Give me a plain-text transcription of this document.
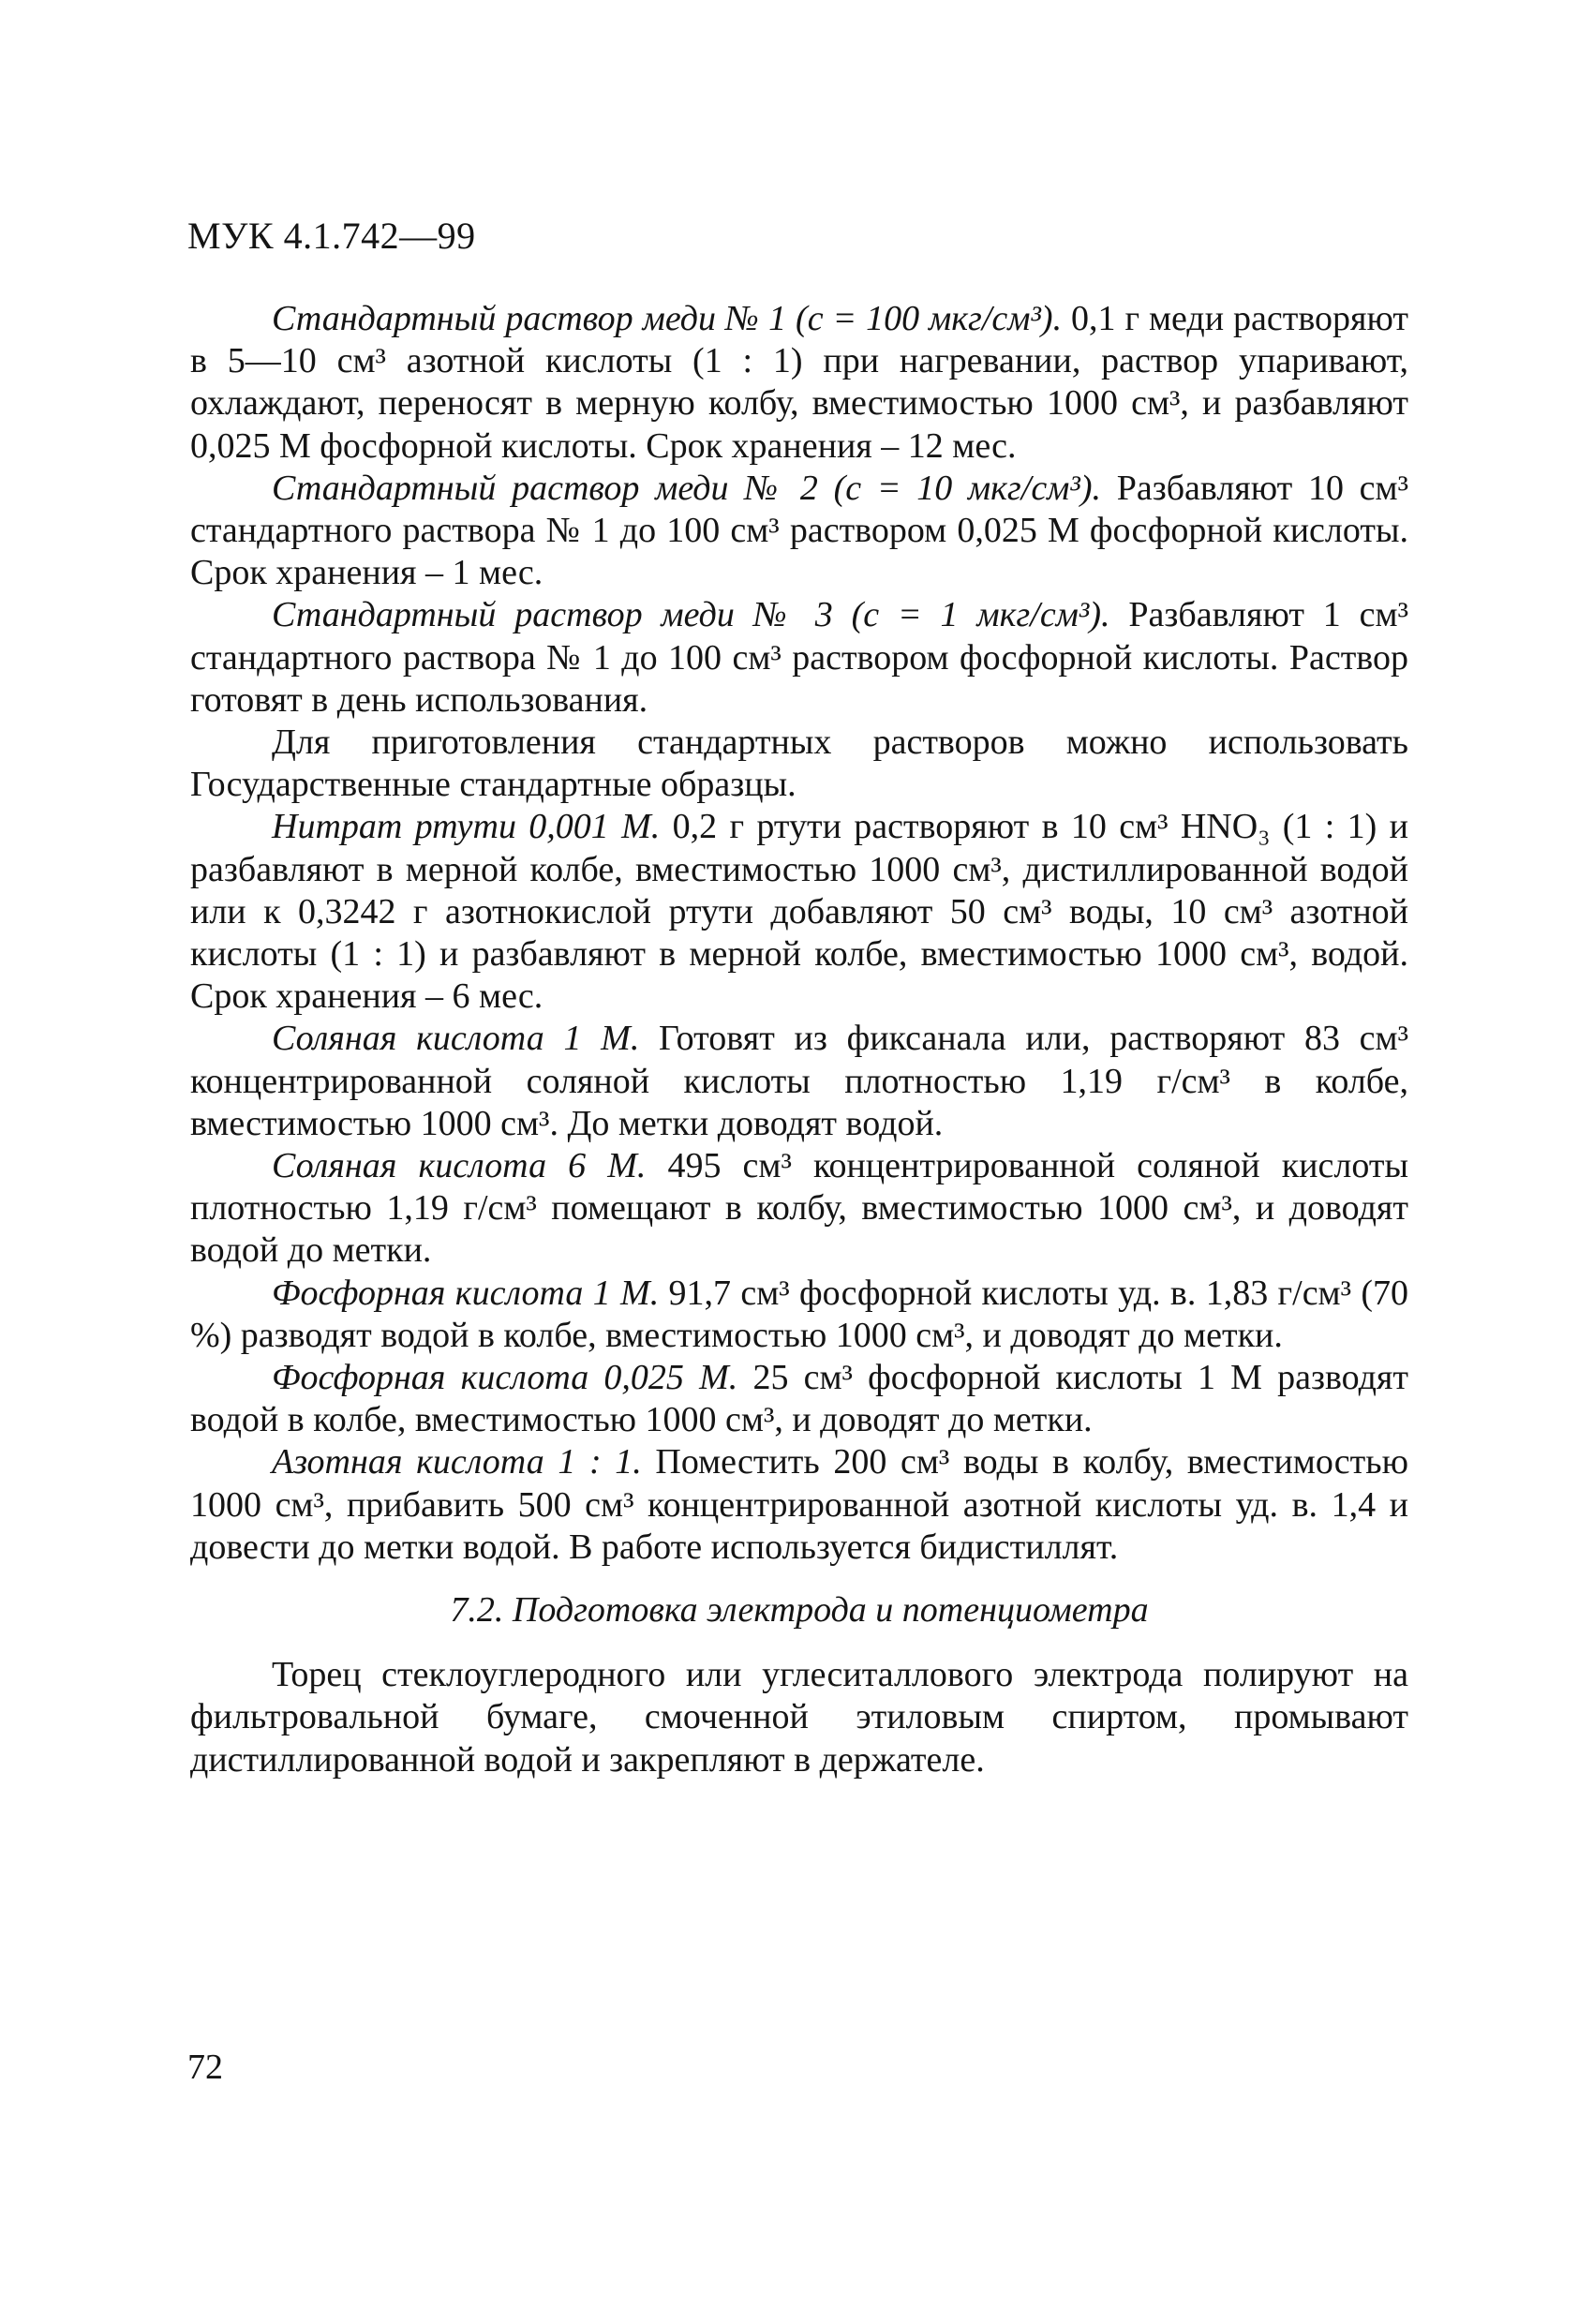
МУК 4.1.742—99

Стандартный раствор меди № 1 (с = 100 мкг/см³). 0,1 г меди растворяют в 5—10 см³ азотной кислоты (1 : 1) при нагревании, раствор упаривают, охлаждают, переносят в мерную колбу, вместимостью 1000 см³, и разбавляют 0,025 М фосфорной кислоты. Срок хранения – 12 мес.

Стандартный раствор меди № 2 (с = 10 мкг/см³). Разбавляют 10 см³ стандартного раствора № 1 до 100 см³ раствором 0,025 М фосфорной кислоты. Срок хранения – 1 мес.

Стандартный раствор меди № 3 (с = 1 мкг/см³). Разбавляют 1 см³ стандартного раствора № 1 до 100 см³ раствором фосфорной кислоты. Раствор готовят в день использования.

Для приготовления стандартных растворов можно использовать Государственные стандартные образцы.

Нитрат ртути 0,001 М. 0,2 г ртути растворяют в 10 см³ HNO₃ (1 : 1) и разбавляют в мерной колбе, вместимостью 1000 см³, дистиллированной водой или к 0,3242 г азотнокислой ртути добавляют 50 см³ воды, 10 см³ азотной кислоты (1 : 1) и разбавляют в мерной колбе, вместимостью 1000 см³, водой. Срок хранения – 6 мес.

Соляная кислота 1 М. Готовят из фиксанала или, растворяют 83 см³ концентрированной соляной кислоты плотностью 1,19 г/см³ в колбе, вместимостью 1000 см³. До метки доводят водой.

Соляная кислота 6 М. 495 см³ концентрированной соляной кислоты плотностью 1,19 г/см³ помещают в колбу, вместимостью 1000 см³, и доводят водой до метки.

Фосфорная кислота 1 М. 91,7 см³ фосфорной кислоты уд. в. 1,83 г/см³ (70 %) разводят водой в колбе, вместимостью 1000 см³, и доводят до метки.

Фосфорная кислота 0,025 М. 25 см³ фосфорной кислоты 1 М разводят водой в колбе, вместимостью 1000 см³, и доводят до метки.

Азотная кислота 1 : 1. Поместить 200 см³ воды в колбу, вместимостью 1000 см³, прибавить 500 см³ концентрированной азотной кислоты уд. в. 1,4 и довести до метки водой. В работе используется бидистиллят.

7.2. Подготовка электрода и потенциометра

Торец стеклоуглеродного или углеситаллового электрода полируют на фильтровальной бумаге, смоченной этиловым спиртом, промывают дистиллированной водой и закрепляют в держателе.

72
